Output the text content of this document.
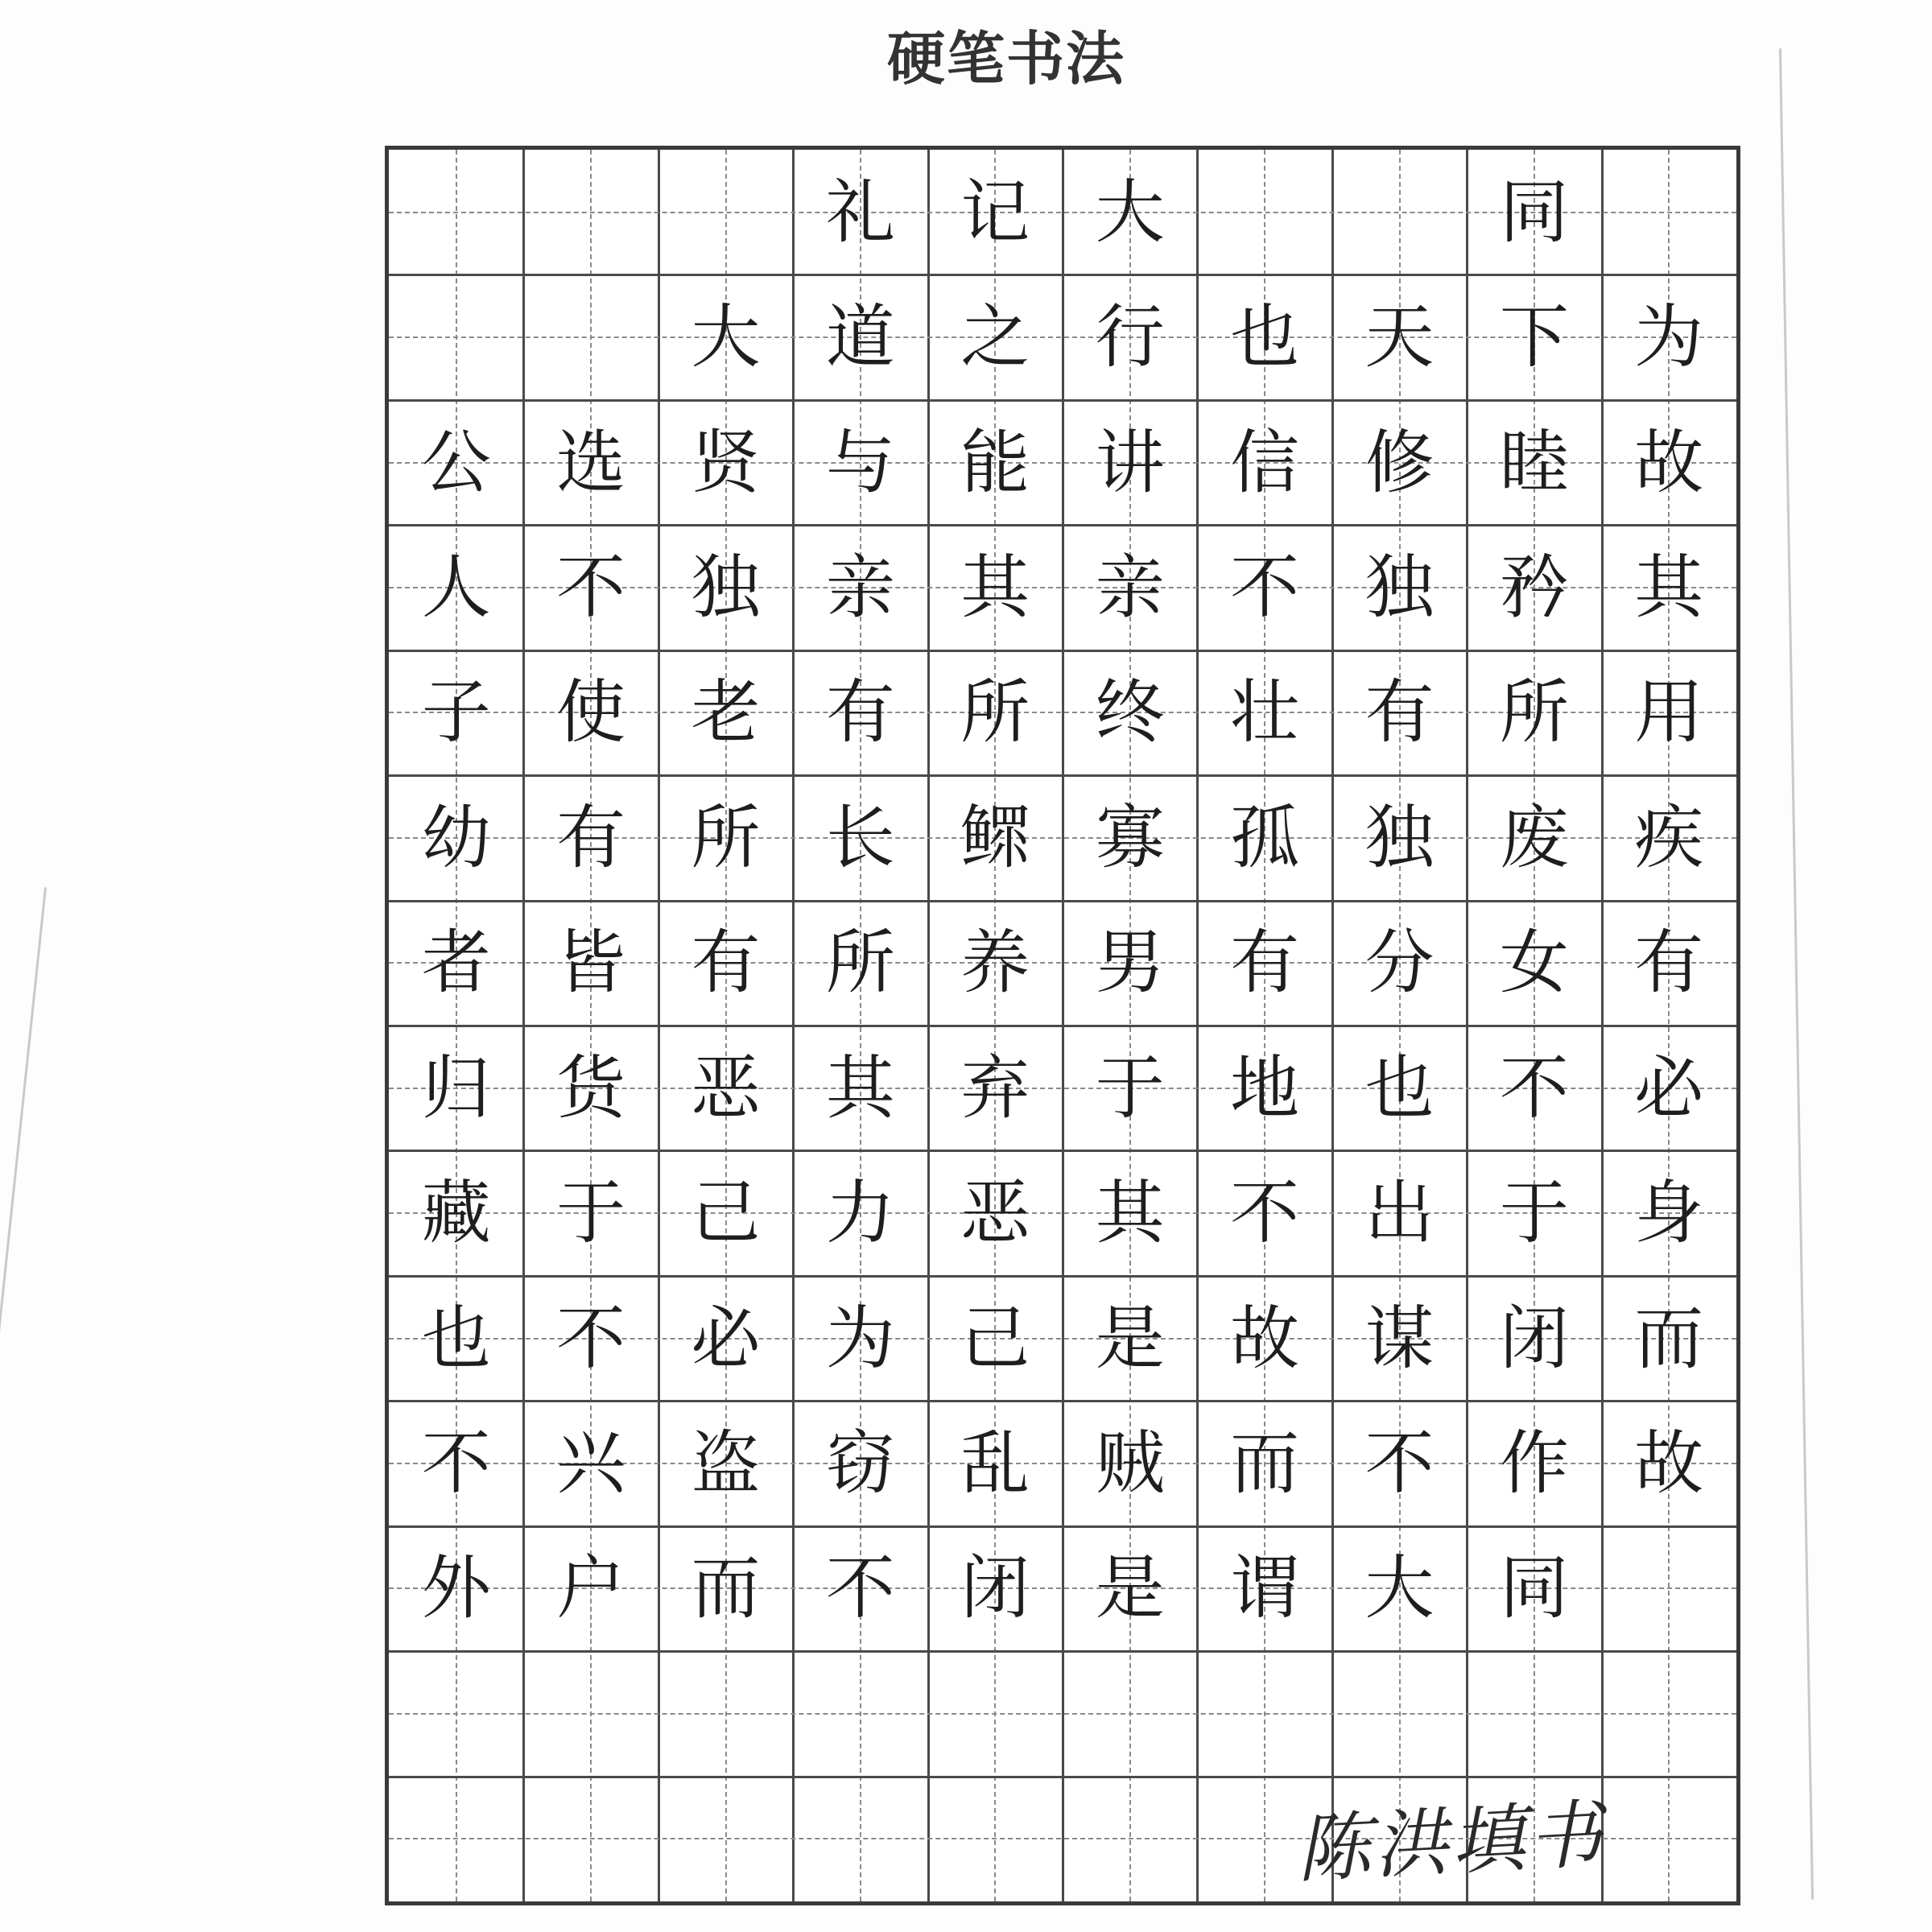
硬笔书法
为
故
其
用
疾
有
必
身
而
故
同
下
睦
矜
所
废
女
不
于
闭
作
同
天
修
独
有
独
分
也
出
谋
不
大
也
信
不
壮
孤
有
地
不
故
而
谓
大
行
讲
亲
终
寡
男
于
其
是
贼
是
记
之
能
其
所
鳏
养
弃
恶
己
乱
闭
礼
道
与
亲
有
长
所
其
力
为
窃
不
大
贤
独
老
所
有
恶
己
必
盗
而
选
不
使
有
皆
货
于
不
兴
户
公
人
子
幼
者
归
藏
也
不
外
陈洪填书
